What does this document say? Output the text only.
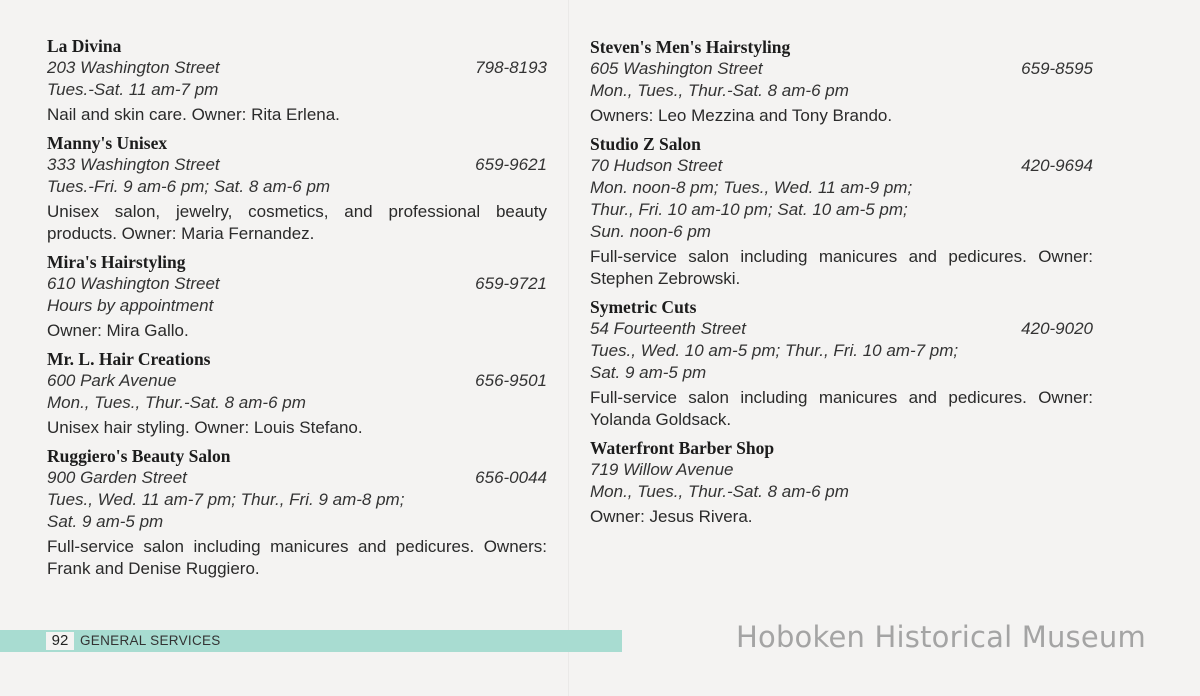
La Divina
203 Washington Street	798-8193
Tues.-Sat. 11 am-7 pm
Nail and skin care. Owner: Rita Erlena.
Manny's Unisex
333 Washington Street	659-9621
Tues.-Fri. 9 am-6 pm; Sat. 8 am-6 pm
Unisex salon, jewelry, cosmetics, and professional beauty products. Owner: Maria Fernandez.
Mira's Hairstyling
610 Washington Street	659-9721
Hours by appointment
Owner: Mira Gallo.
Mr. L. Hair Creations
600 Park Avenue	656-9501
Mon., Tues., Thur.-Sat. 8 am-6 pm
Unisex hair styling. Owner: Louis Stefano.
Ruggiero's Beauty Salon
900 Garden Street	656-0044
Tues., Wed. 11 am-7 pm; Thur., Fri. 9 am-8 pm;
Sat. 9 am-5 pm
Full-service salon including manicures and pedicures. Owners: Frank and Denise Ruggiero.
Steven's Men's Hairstyling
605 Washington Street	659-8595
Mon., Tues., Thur.-Sat. 8 am-6 pm
Owners: Leo Mezzina and Tony Brando.
Studio Z Salon
70 Hudson Street	420-9694
Mon. noon-8 pm; Tues., Wed. 11 am-9 pm;
Thur., Fri. 10 am-10 pm; Sat. 10 am-5 pm;
Sun. noon-6 pm
Full-service salon including manicures and pedicures. Owner: Stephen Zebrowski.
Symetric Cuts
54 Fourteenth Street	420-9020
Tues., Wed. 10 am-5 pm; Thur., Fri. 10 am-7 pm;
Sat. 9 am-5 pm
Full-service salon including manicures and pedicures. Owner: Yolanda Goldsack.
Waterfront Barber Shop
719 Willow Avenue
Mon., Tues., Thur.-Sat. 8 am-6 pm
Owner: Jesus Rivera.
92 GENERAL SERVICES	Hoboken Historical Museum
